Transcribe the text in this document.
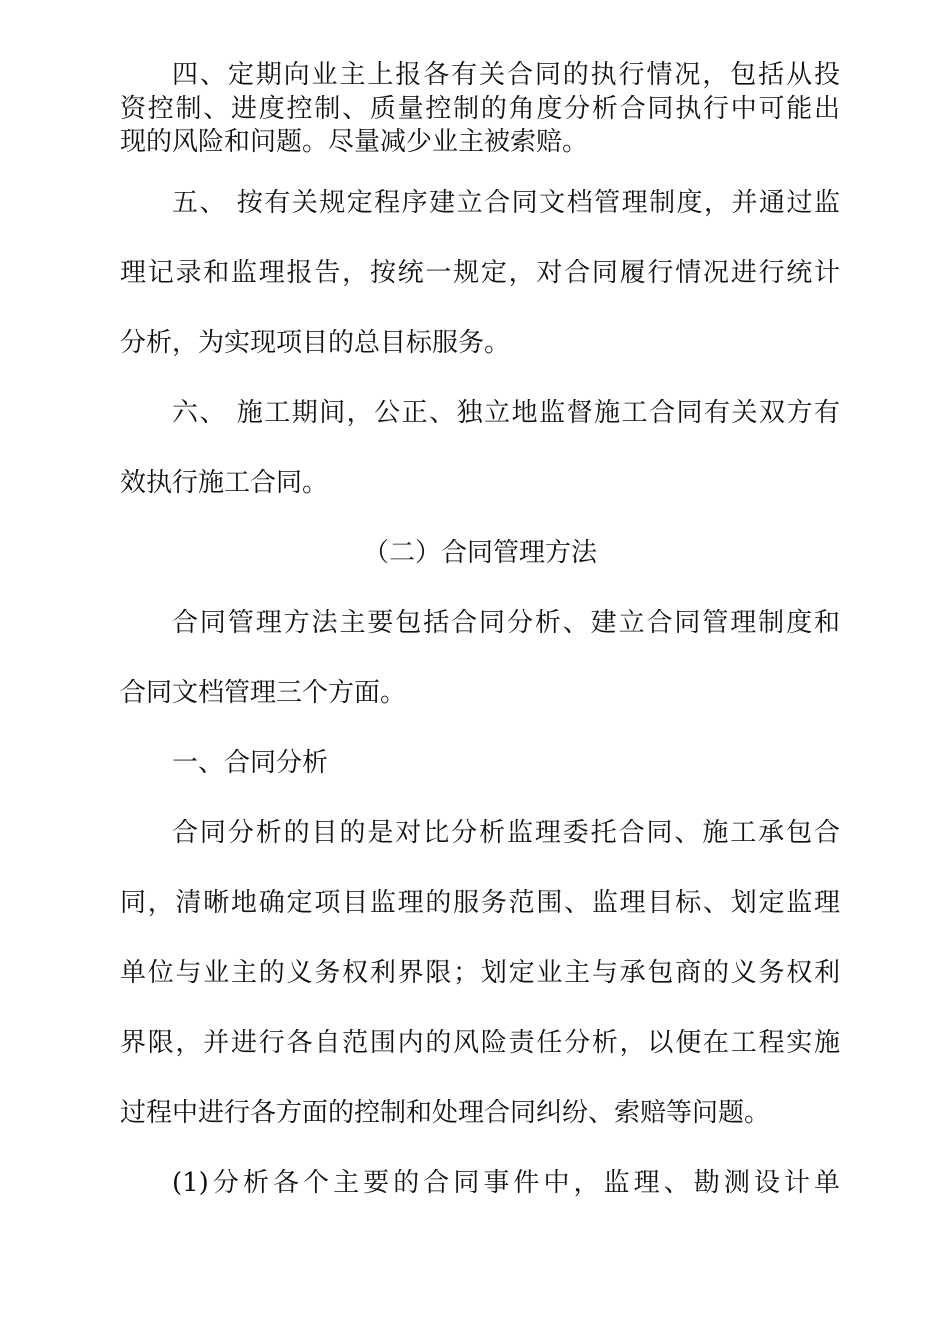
四、定期向业主上报各有关合同的执行情况，包括从投
资控制、进度控制、质量控制的角度分析合同执行中可能出
现的风险和问题。尽量减少业主被索赔。
五、 按有关规定程序建立合同文档管理制度，并通过监
理记录和监理报告，按统一规定，对合同履行情况进行统计
分析，为实现项目的总目标服务。
六、 施工期间，公正、独立地监督施工合同有关双方有
效执行施工合同。
（二）合同管理方法
合同管理方法主要包括合同分析、建立合同管理制度和
合同文档管理三个方面。
一、合同分析
合同分析的目的是对比分析监理委托合同、施工承包合
同，清晰地确定项目监理的服务范围、监理目标、划定监理
单位与业主的义务权利界限；划定业主与承包商的义务权利
界限，并进行各自范围内的风险责任分析，以便在工程实施
过程中进行各方面的控制和处理合同纠纷、索赔等问题。
(1)分析各个主要的合同事件中，监理、勘测设计单
